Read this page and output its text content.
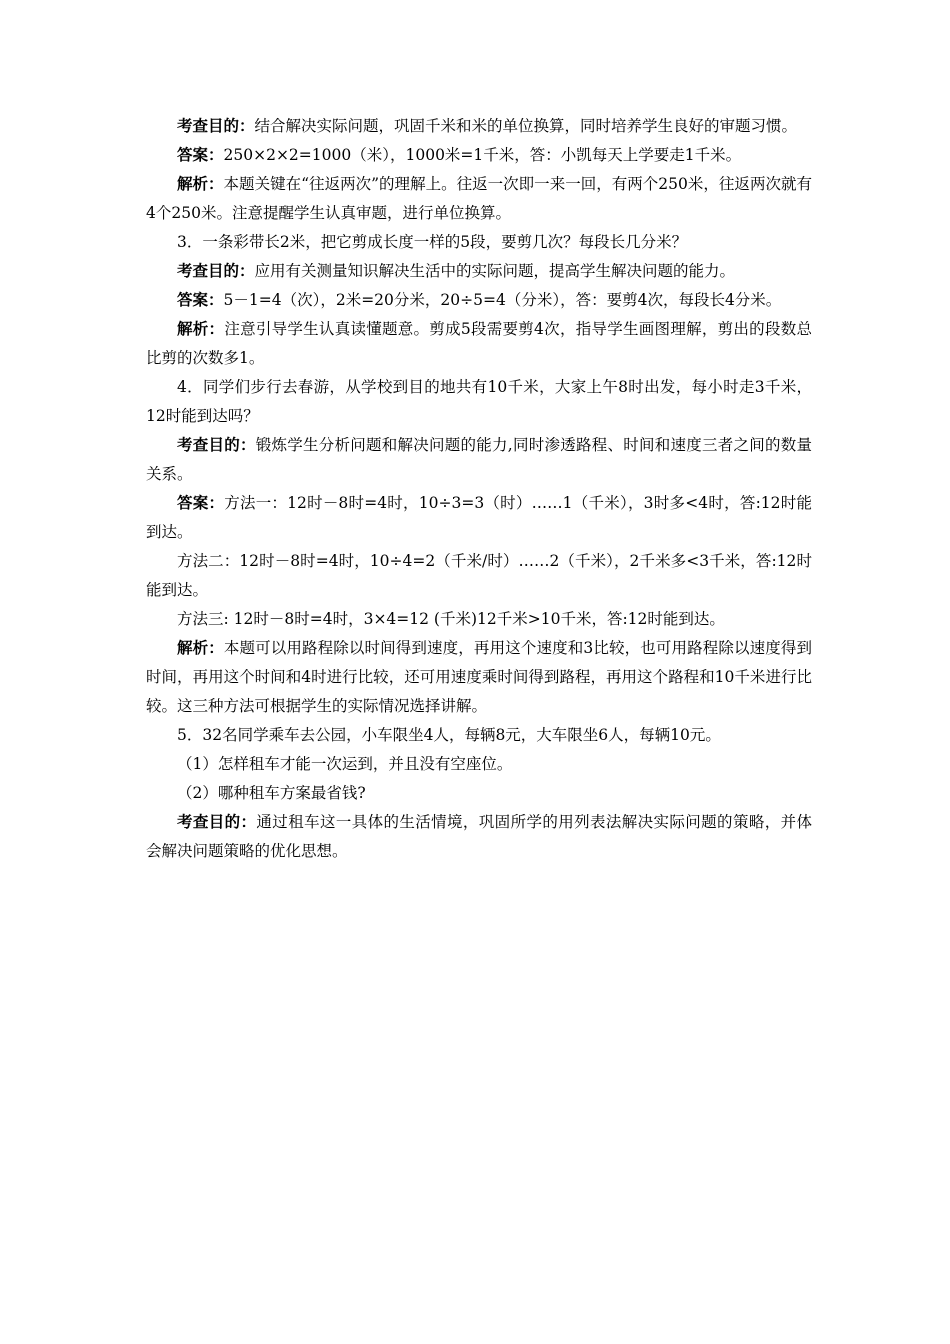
考查目的：结合解决实际问题，巩固千米和米的单位换算，同时培养学生良好的审题习惯。

答案：250×2×2=1000（米），1000米=1千米，答：小凯每天上学要走1千米。

解析：本题关键在“往返两次”的理解上。往返一次即一来一回，有两个250米，往返两次就有4个250米。注意提醒学生认真审题，进行单位换算。

3．一条彩带长2米，把它剪成长度一样的5段，要剪几次？每段长几分米？

考查目的：应用有关测量知识解决生活中的实际问题，提高学生解决问题的能力。

答案：5－1=4（次），2米=20分米，20÷5=4（分米），答：要剪4次，每段长4分米。

解析：注意引导学生认真读懂题意。剪成5段需要剪4次，指导学生画图理解，剪出的段数总比剪的次数多1。

4．同学们步行去春游，从学校到目的地共有10千米，大家上午8时出发，每小时走3千米，12时能到达吗？

考查目的：锻炼学生分析问题和解决问题的能力,同时渗透路程、时间和速度三者之间的数量关系。

答案：方法一：12时－8时=4时，10÷3=3（时）……1（千米），3时多<4时，答:12时能到达。

方法二：12时－8时=4时，10÷4=2（千米/时）……2（千米），2千米多<3千米，答:12时能到达。

方法三: 12时－8时=4时，3×4=12 (千米)12千米>10千米，答:12时能到达。

解析：本题可以用路程除以时间得到速度，再用这个速度和3比较，也可用路程除以速度得到时间，再用这个时间和4时进行比较，还可用速度乘时间得到路程，再用这个路程和10千米进行比较。这三种方法可根据学生的实际情况选择讲解。

5．32名同学乘车去公园，小车限坐4人，每辆8元，大车限坐6人，每辆10元。

（1）怎样租车才能一次运到，并且没有空座位。

（2）哪种租车方案最省钱?

考查目的：通过租车这一具体的生活情境，巩固所学的用列表法解决实际问题的策略，并体会解决问题策略的优化思想。
